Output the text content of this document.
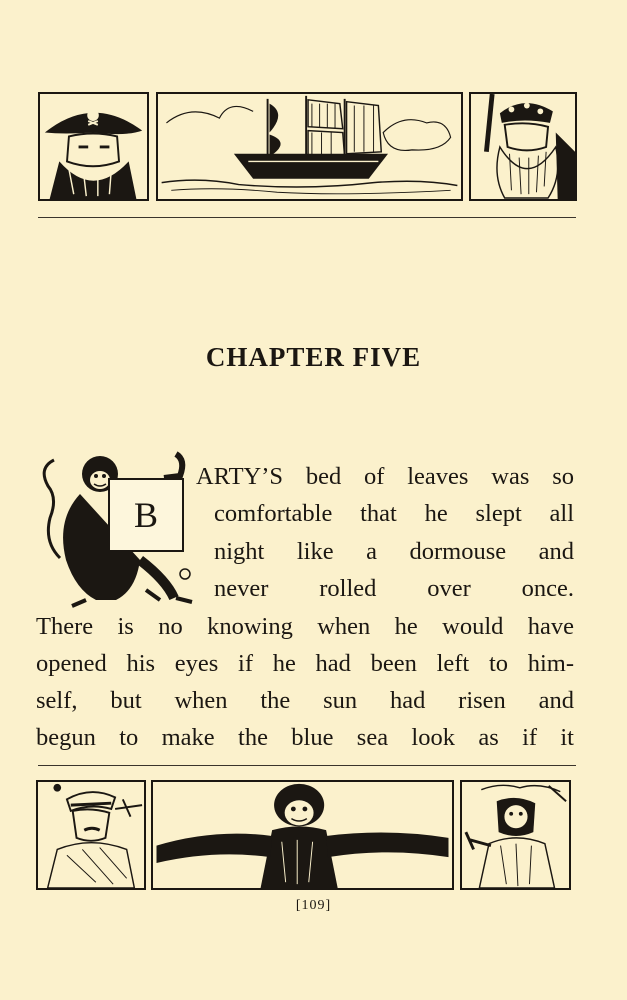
CHAPTER FIVE
B

ARTY’S bed of leaves was so

comfortable that he slept all

night like a dormouse and

never rolled over once.

There is no knowing when he would have

opened his eyes if he had been left to him-

self, but when the sun had risen and

begun to make the blue sea look as if it

[109]
